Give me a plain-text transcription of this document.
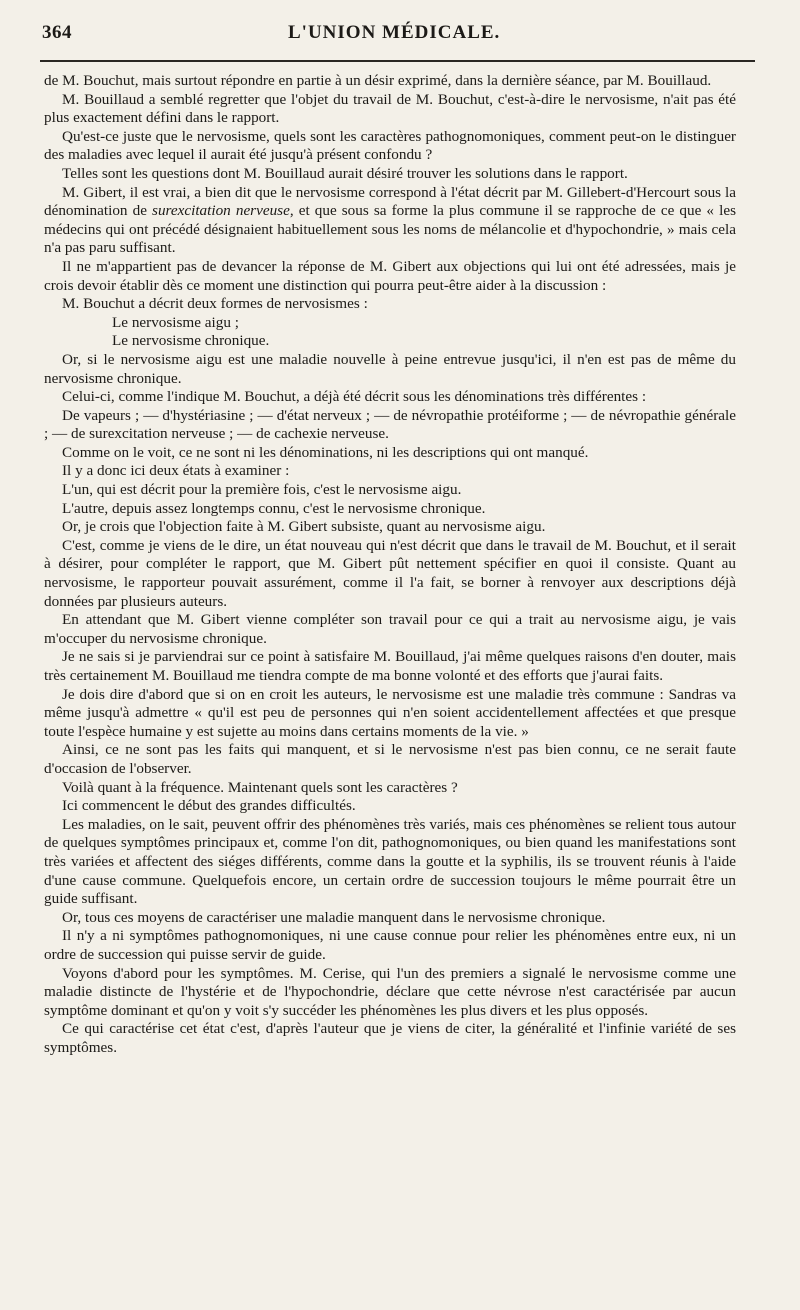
364	L'UNION MÉDICALE.

de M. Bouchut, mais surtout répondre en partie à un désir exprimé, dans la dernière séance, par M. Bouillaud.

M. Bouillaud a semblé regretter que l'objet du travail de M. Bouchut, c'est-à-dire le nervosisme, n'ait pas été plus exactement défini dans le rapport.

Qu'est-ce juste que le nervosisme, quels sont les caractères pathognomoniques, comment peut-on le distinguer des maladies avec lequel il aurait été jusqu'à présent confondu ?

Telles sont les questions dont M. Bouillaud aurait désiré trouver les solutions dans le rapport.

M. Gibert, il est vrai, a bien dit que le nervosisme correspond à l'état décrit par M. Gillebert-d'Hercourt sous la dénomination de surexcitation nerveuse, et que sous sa forme la plus commune il se rapproche de ce que « les médecins qui ont précédé désignaient habituellement sous les noms de mélancolie et d'hypochondrie, » mais cela n'a pas paru suffisant.

Il ne m'appartient pas de devancer la réponse de M. Gibert aux objections qui lui ont été adressées, mais je crois devoir établir dès ce moment une distinction qui pourra peut-être aider à la discussion :

M. Bouchut a décrit deux formes de nervosismes :

Le nervosisme aigu ;

Le nervosisme chronique.

Or, si le nervosisme aigu est une maladie nouvelle à peine entrevue jusqu'ici, il n'en est pas de même du nervosisme chronique.

Celui-ci, comme l'indique M. Bouchut, a déjà été décrit sous les dénominations très différentes :

De vapeurs ; — d'hystériasine ; — d'état nerveux ; — de névropathie protéiforme ; — de névropathie générale ; — de surexcitation nerveuse ; — de cachexie nerveuse.

Comme on le voit, ce ne sont ni les dénominations, ni les descriptions qui ont manqué.

Il y a donc ici deux états à examiner :

L'un, qui est décrit pour la première fois, c'est le nervosisme aigu.

L'autre, depuis assez longtemps connu, c'est le nervosisme chronique.

Or, je crois que l'objection faite à M. Gibert subsiste, quant au nervosisme aigu.

C'est, comme je viens de le dire, un état nouveau qui n'est décrit que dans le travail de M. Bouchut, et il serait à désirer, pour compléter le rapport, que M. Gibert pût nettement spécifier en quoi il consiste. Quant au nervosisme, le rapporteur pouvait assurément, comme il l'a fait, se borner à renvoyer aux descriptions déjà données par plusieurs auteurs.

En attendant que M. Gibert vienne compléter son travail pour ce qui a trait au nervosisme aigu, je vais m'occuper du nervosisme chronique.

Je ne sais si je parviendrai sur ce point à satisfaire M. Bouillaud, j'ai même quelques raisons d'en douter, mais très certainement M. Bouillaud me tiendra compte de ma bonne volonté et des efforts que j'aurai faits.

Je dois dire d'abord que si on en croit les auteurs, le nervosisme est une maladie très commune : Sandras va même jusqu'à admettre « qu'il est peu de personnes qui n'en soient accidentellement affectées et que presque toute l'espèce humaine y est sujette au moins dans certains moments de la vie. »

Ainsi, ce ne sont pas les faits qui manquent, et si le nervosisme n'est pas bien connu, ce ne serait faute d'occasion de l'observer.

Voilà quant à la fréquence. Maintenant quels sont les caractères ?

Ici commencent le début des grandes difficultés.

Les maladies, on le sait, peuvent offrir des phénomènes très variés, mais ces phénomènes se relient tous autour de quelques symptômes principaux et, comme l'on dit, pathognomoniques, ou bien quand les manifestations sont très variées et affectent des siéges différents, comme dans la goutte et la syphilis, ils se trouvent réunis à l'aide d'une cause commune. Quelquefois encore, un certain ordre de succession toujours le même pourrait être un guide suffisant.

Or, tous ces moyens de caractériser une maladie manquent dans le nervosisme chronique.

Il n'y a ni symptômes pathognomoniques, ni une cause connue pour relier les phénomènes entre eux, ni un ordre de succession qui puisse servir de guide.

Voyons d'abord pour les symptômes. M. Cerise, qui l'un des premiers a signalé le nervosisme comme une maladie distincte de l'hystérie et de l'hypochondrie, déclare que cette névrose n'est caractérisée par aucun symptôme dominant et qu'on y voit s'y succéder les phénomènes les plus divers et les plus opposés.

Ce qui caractérise cet état c'est, d'après l'auteur que je viens de citer, la généralité et l'infinie variété de ses symptômes.
